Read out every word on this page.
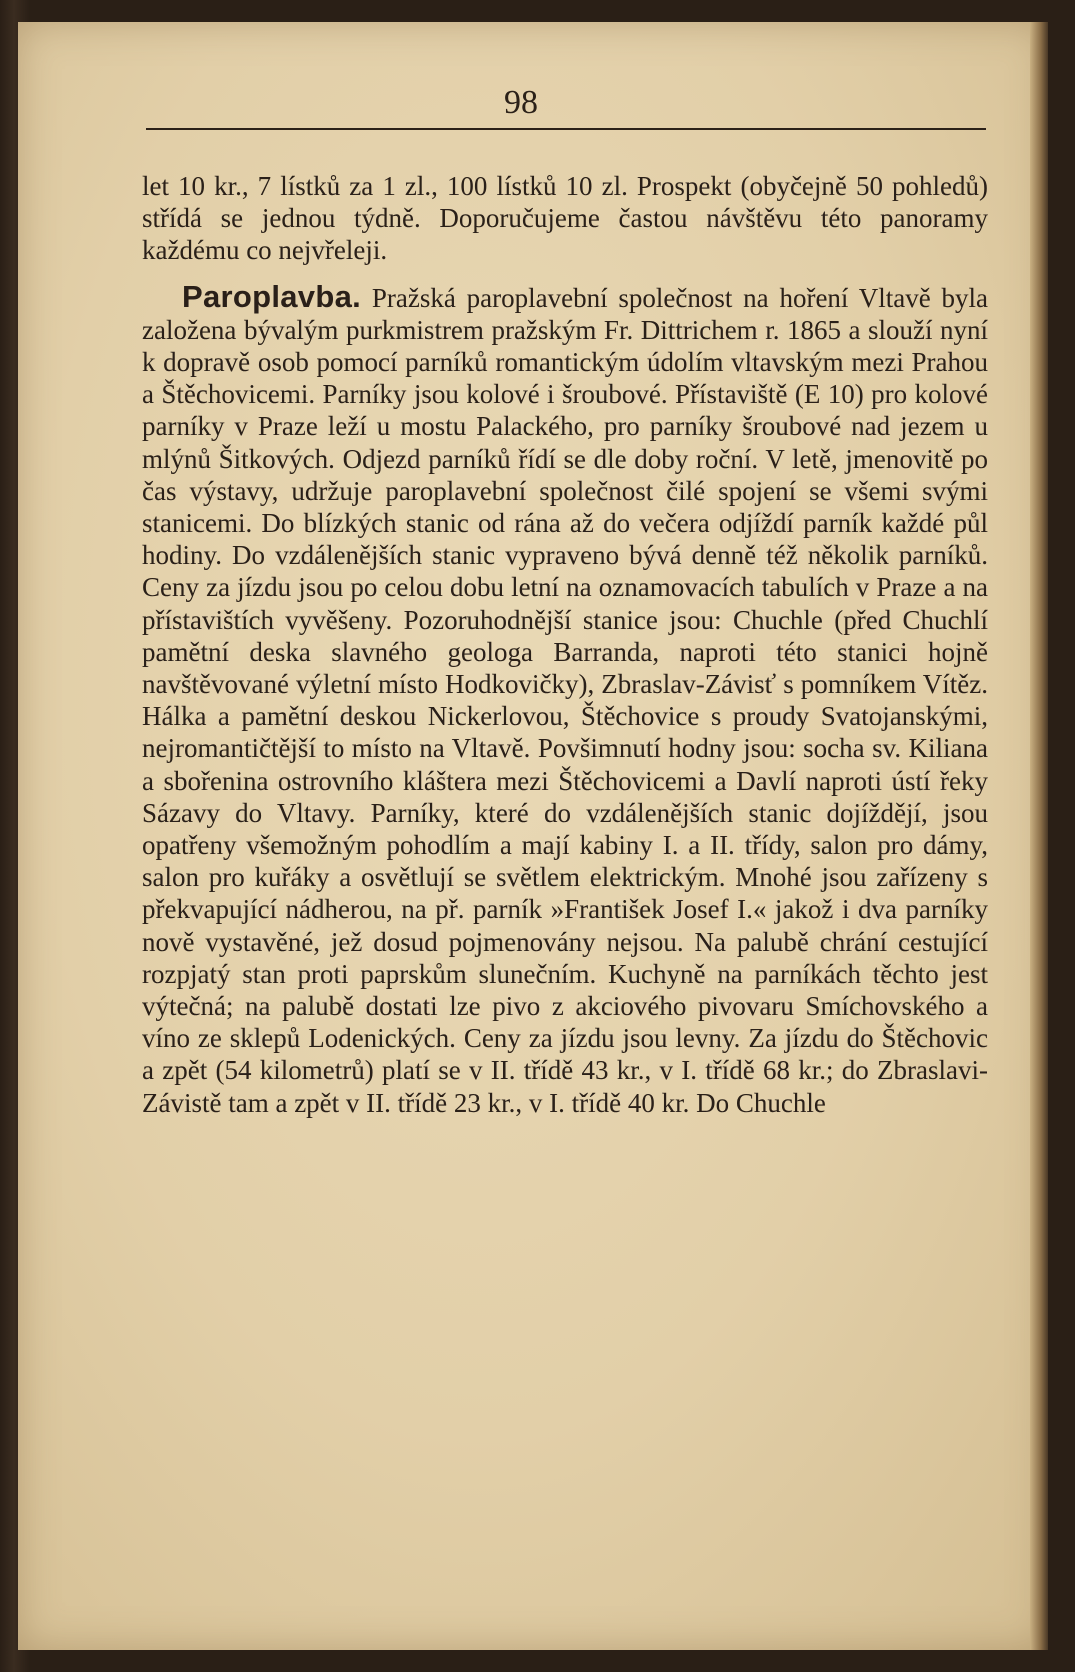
98

let 10 kr., 7 lístků za 1 zl., 100 lístků 10 zl. Prospekt (obyčejně 50 pohledů) střídá se jednou týdně. Doporučujeme častou návštěvu této panoramy každému co nejvřeleji.

Paroplavba. Pražská paroplavební společnost na hoření Vltavě byla založena bývalým purkmistrem pražským Fr. Dittrichem r. 1865 a slouží nyní k dopravě osob pomocí parníků romantickým údolím vltavským mezi Prahou a Štěchovicemi. Parníky jsou kolové i šroubové. Přístaviště (E 10) pro kolové parníky v Praze leží u mostu Palackého, pro parníky šroubové nad jezem u mlýnů Šitkových. Odjezd parníků řídí se dle doby roční. V letě, jmenovitě po čas výstavy, udržuje paroplavební společnost čilé spojení se všemi svými stanicemi. Do blízkých stanic od rána až do večera odjíždí parník každé půl hodiny. Do vzdálenějších stanic vypraveno bývá denně též několik parníků. Ceny za jízdu jsou po celou dobu letní na oznamovacích tabulích v Praze a na přístavištích vyvěšeny. Pozoruhodnější stanice jsou: Chuchle (před Chuchlí pamětní deska slavného geologa Barranda, naproti této stanici hojně navštěvované výletní místo Hodkovičky), Zbraslav-Závisť s pomníkem Vítěz. Hálka a pamětní deskou Nickerlovou, Štěchovice s proudy Svatojanskými, nejromantičtější to místo na Vltavě. Povšimnutí hodny jsou: socha sv. Kiliana a sbořenina ostrovního kláštera mezi Štěchovicemi a Davlí naproti ústí řeky Sázavy do Vltavy. Parníky, které do vzdálenějších stanic dojíždějí, jsou opatřeny všemožným pohodlím a mají kabiny I. a II. třídy, salon pro dámy, salon pro kuřáky a osvětlují se světlem elektrickým. Mnohé jsou zařízeny s překvapující nádherou, na př. parník »František Josef I.« jakož i dva parníky nově vystavěné, jež dosud pojmenovány nejsou. Na palubě chrání cestující rozpjatý stan proti paprskům slunečním. Kuchyně na parníkách těchto jest výtečná; na palubě dostati lze pivo z akciového pivovaru Smíchovského a víno ze sklepů Lodenických. Ceny za jízdu jsou levny. Za jízdu do Štěchovic a zpět (54 kilometrů) platí se v II. třídě 43 kr., v I. třídě 68 kr.; do Zbraslavi-Závistě tam a zpět v II. třídě 23 kr., v I. třídě 40 kr. Do Chuchle
